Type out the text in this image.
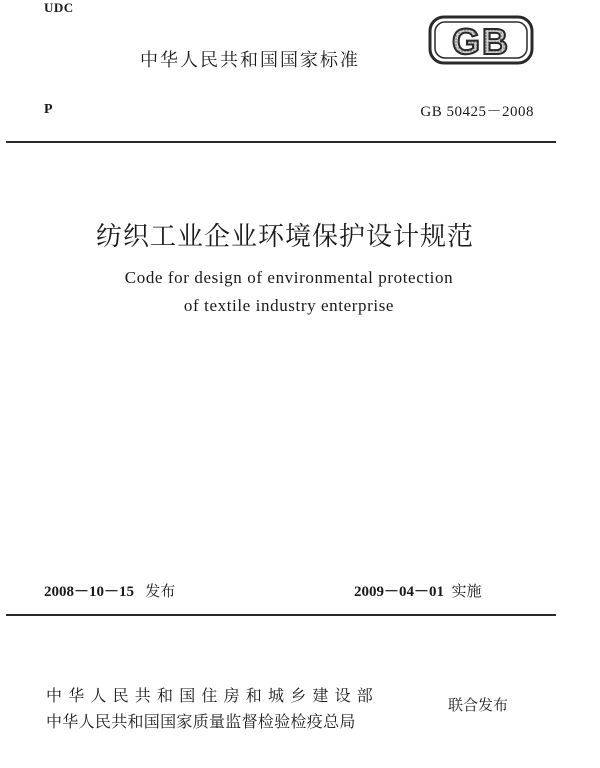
UDC
中华人民共和国国家标准	GB
P	GB 50425－2008
纺织工业企业环境保护设计规范
Code for design of environmental protection
of textile industry enterprise
2008－10－15 发布	2009－04－01 实施
中华人民共和国住房和城乡建设部
中华人民共和国国家质量监督检验检疫总局
联合发布
